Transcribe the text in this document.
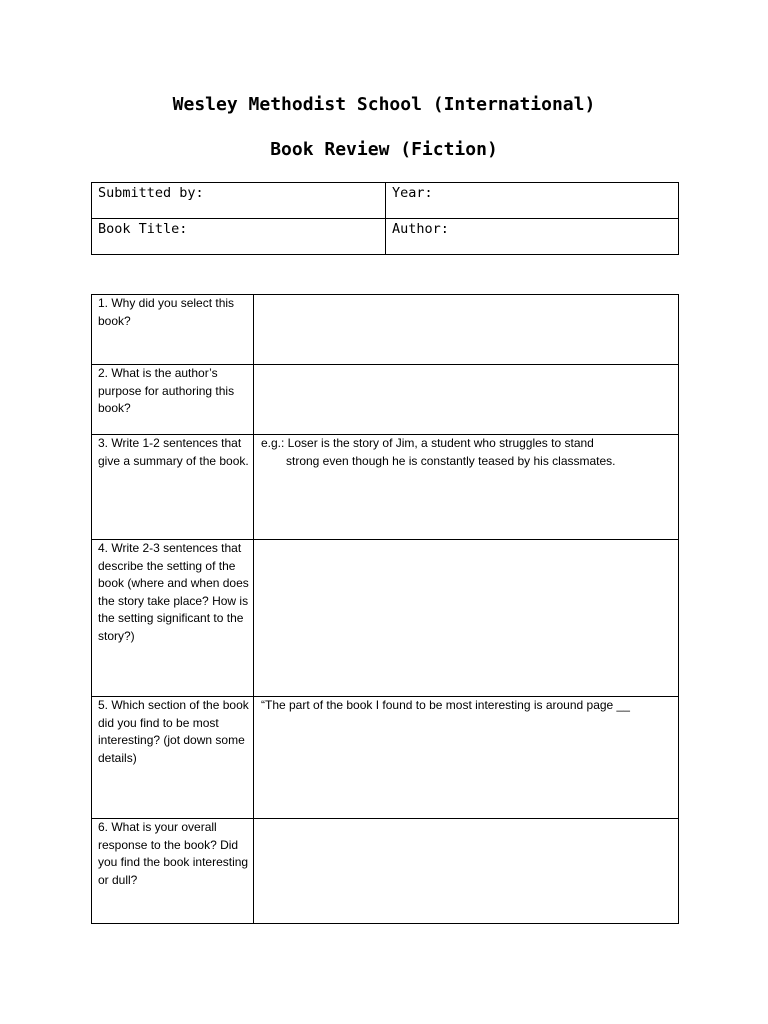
Wesley Methodist School (International)
Book Review (Fiction)
Submitted by:	Year:
Book Title:	Author:
1. Why did you select this book?	
2. What is the author’s purpose for authoring this book?	
3. Write 1-2 sentences that give a summary of the book.	e.g.: Loser is the story of Jim, a student who struggles to stand
strong even though he is constantly teased by his classmates.

4. Write 2-3 sentences that describe the setting of the book (where and when does the story take place? How is the setting significant to the story?)	
5. Which section of the book did you find to be most interesting? (jot down some details)	“The part of the book I found to be most interesting is around page __

6. What is your overall response to the book? Did you find the book interesting or dull?	
